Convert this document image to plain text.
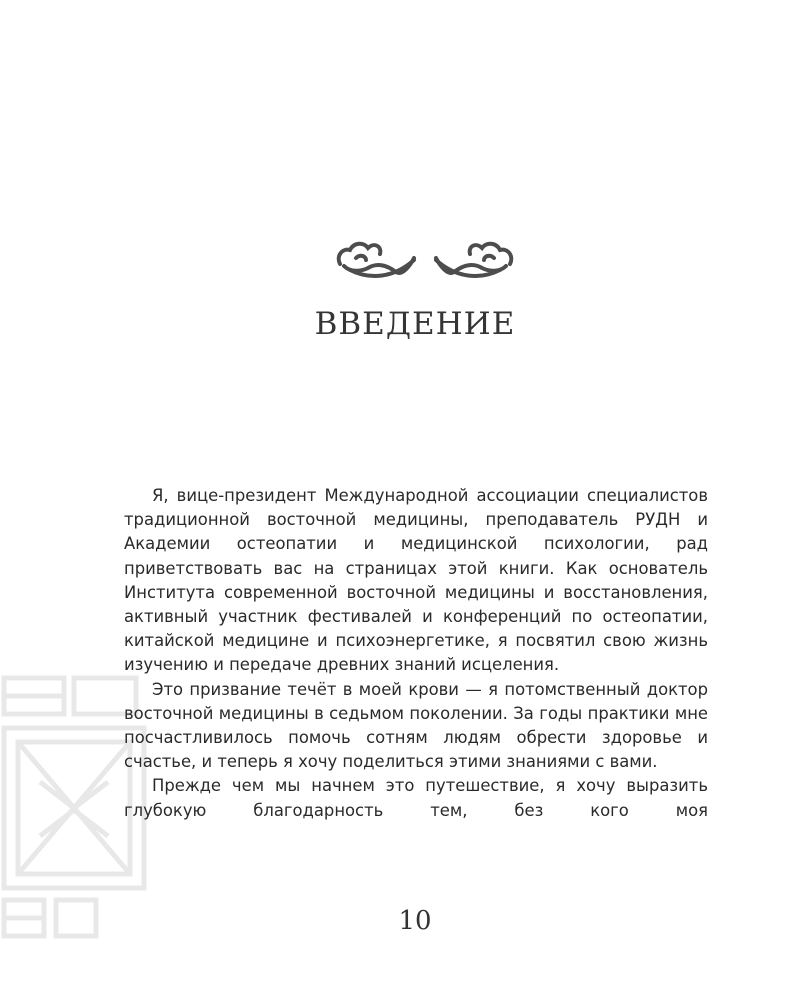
ВВЕДЕНИЕ

Я, вице-президент Международной ассоциации специалистов традиционной восточной медицины, преподаватель РУДН и Академии остеопатии и медицинской психологии, рад приветствовать вас на страницах этой книги. Как основатель Института современной восточной медицины и восстановления, активный участник фестивалей и конференций по остеопатии, китайской медицине и психоэнергетике, я посвятил свою жизнь изучению и передаче древних знаний исцеления.

Это призвание течёт в моей крови — я потомственный доктор восточной медицины в седьмом поколении. За годы практики мне посчастливилось помочь сотням людям обрести здоровье и счастье, и теперь я хочу поделиться этими знаниями с вами.

Прежде чем мы начнем это путешествие, я хочу выразить глубокую благодарность тем, без кого моя

10
